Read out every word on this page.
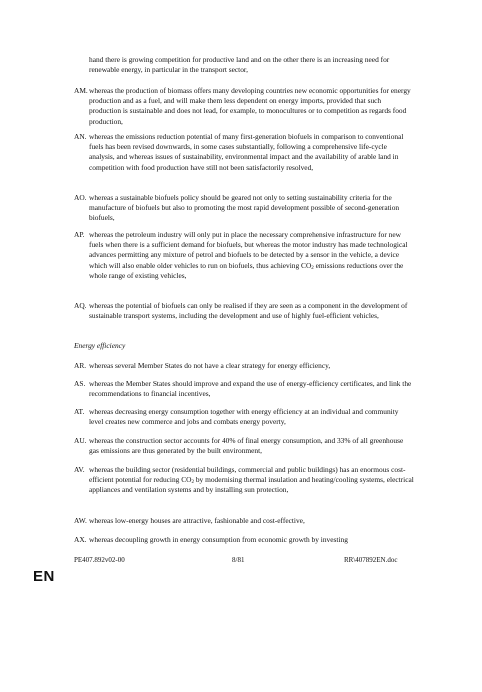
hand there is growing competition for productive land and on the other there is an increasing need for renewable energy, in particular in the transport sector,

AM.whereas the production of biomass offers many developing countries new economic opportunities for energy production and as a fuel, and will make them less dependent on energy imports, provided that such production is sustainable and does not lead, for example, to monocultures or to competition as regards food production,

AN. whereas the emissions reduction potential of many first-generation biofuels in comparison to conventional fuels has been revised downwards, in some cases substantially, following a comprehensive life-cycle analysis, and whereas issues of sustainability, environmental impact and the availability of arable land in competition with food production have still not been satisfactorily resolved,

AO. whereas a sustainable biofuels policy should be geared not only to setting sustainability criteria for the manufacture of biofuels but also to promoting the most rapid development possible of second-generation biofuels,

AP. whereas the petroleum industry will only put in place the necessary comprehensive infrastructure for new fuels when there is a sufficient demand for biofuels, but whereas the motor industry has made technological advances permitting any mixture of petrol and biofuels to be detected by a sensor in the vehicle, a device which will also enable older vehicles to run on biofuels, thus achieving $CO_2$ emissions reductions over the whole range of existing vehicles,

AQ. whereas the potential of biofuels can only be realised if they are seen as a component in the development of sustainable transport systems, including the development and use of highly fuel-efficient vehicles,

Energy efficiency

AR. whereas several Member States do not have a clear strategy for energy efficiency,

AS. whereas the Member States should improve and expand the use of energy-efficiency certificates, and link the recommendations to financial incentives,

AT. whereas decreasing energy consumption together with energy efficiency at an individual and community level creates new commerce and jobs and combats energy poverty,

AU. whereas the construction sector accounts for 40% of final energy consumption, and 33% of all greenhouse gas emissions are thus generated by the built environment,

AV. whereas the building sector (residential buildings, commercial and public buildings) has an enormous cost-efficient potential for reducing $CO_2$ by modernising thermal insulation and heating/cooling systems, electrical appliances and ventilation systems and by installing sun protection,

AW. whereas low-energy houses are attractive, fashionable and cost-effective,

AX. whereas decoupling growth in energy consumption from economic growth by investing

PE407.892v02-00	8/81	RR\407892EN.doc
EN
